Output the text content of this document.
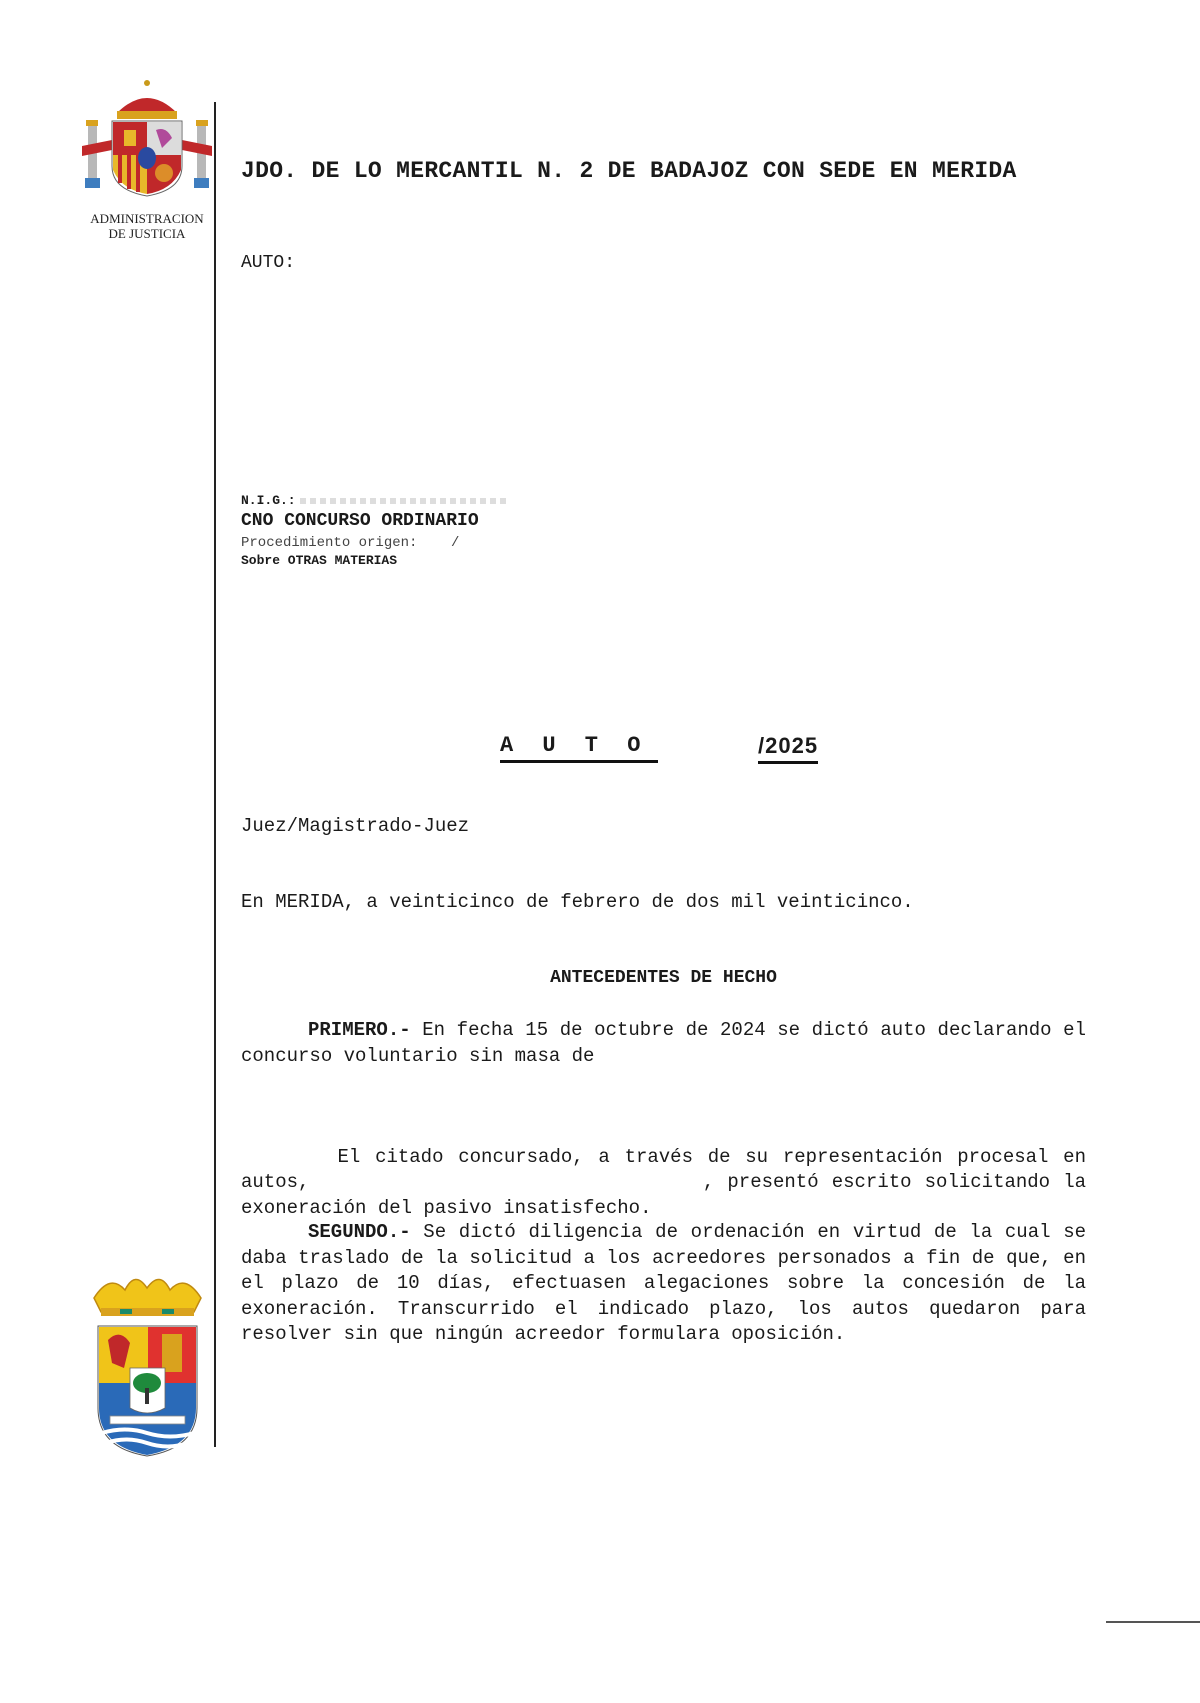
ADMINISTRACION
DE JUSTICIA
JDO. DE LO MERCANTIL N. 2 DE BADAJOZ CON SEDE EN MERIDA
AUTO:
N.I.G.:
CNO CONCURSO ORDINARIO
Procedimiento origen:    /
Sobre OTRAS MATERIAS
A U T O	/2025
Juez/Magistrado-Juez
En MERIDA, a veinticinco de febrero de dos mil veinticinco.
ANTECEDENTES DE HECHO
PRIMERO.- En fecha 15 de octubre de 2024 se dictó auto declarando el concurso voluntario sin masa de

El citado concursado, a través de su representación procesal en autos,                              , presentó escrito solicitando la exoneración del pasivo insatisfecho.

SEGUNDO.- Se dictó diligencia de ordenación en virtud de la cual se daba traslado de la solicitud a los acreedores personados a fin de que, en el plazo de 10 días, efectuasen alegaciones sobre la concesión de la exoneración. Transcurrido el indicado plazo, los autos quedaron para resolver sin que ningún acreedor formulara oposición.
